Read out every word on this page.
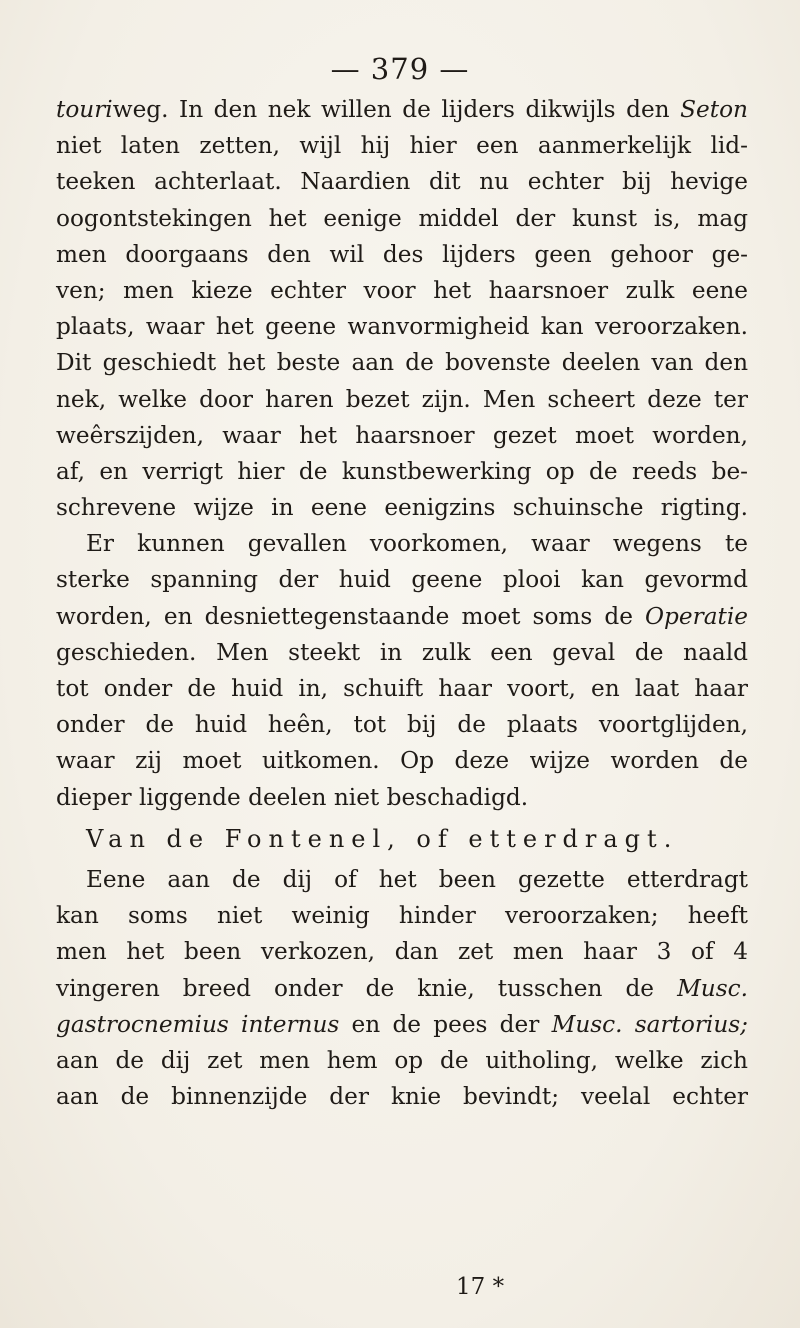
— 379 —
touriweg. In den nek willen de lijders dikwijls den Seton
niet laten zetten, wijl hij hier een aanmerkelijk lid-
teeken achterlaat. Naardien dit nu echter bij hevige
oogontstekingen het eenige middel der kunst is, mag
men doorgaans den wil des lijders geen gehoor ge-
ven; men kieze echter voor het haarsnoer zulk eene
plaats, waar het geene wanvormigheid kan veroorzaken.
Dit geschiedt het beste aan de bovenste deelen van den
nek, welke door haren bezet zijn. Men scheert deze ter
weêrszijden, waar het haarsnoer gezet moet worden,
af, en verrigt hier de kunstbewerking op de reeds be-
schrevene wijze in eene eenigzins schuinsche rigting.
Er kunnen gevallen voorkomen, waar wegens te
sterke spanning der huid geene plooi kan gevormd
worden, en desniettegenstaande moet soms de Operatie
geschieden. Men steekt in zulk een geval de naald
tot onder de huid in, schuift haar voort, en laat haar
onder de huid heên, tot bij de plaats voortglijden,
waar zij moet uitkomen. Op deze wijze worden de
dieper liggende deelen niet beschadigd.
Van de Fontenel, of etterdragt.
Eene aan de dij of het been gezette etterdragt
kan soms niet weinig hinder veroorzaken; heeft
men het been verkozen, dan zet men haar 3 of 4
vingeren breed onder de knie, tusschen de Musc.
gastrocnemius internus en de pees der Musc. sartorius;
aan de dij zet men hem op de uitholing, welke zich
aan de binnenzijde der knie bevindt; veelal echter
17 *
